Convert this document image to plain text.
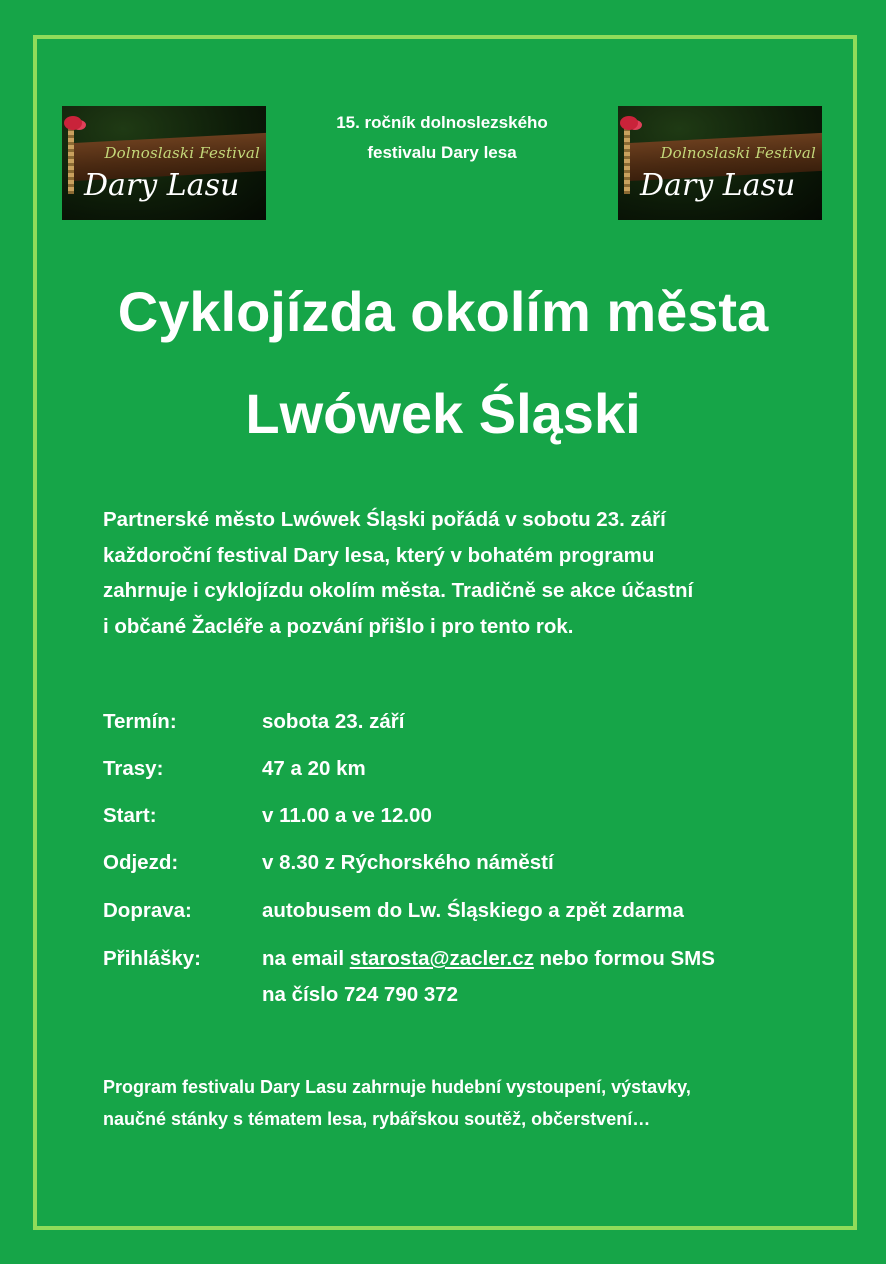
Dolnoslaski Festival
Dary Lasu
15. ročník dolnoslezského
festivalu Dary lesa	Dolnoslaski Festival
Dary Lasu
Cyklojízda okolím města
Lwówek Śląski
Partnerské město Lwówek Śląski pořádá v sobotu 23. září
každoroční festival Dary lesa, který v bohatém programu
zahrnuje i cyklojízdu okolím města. Tradičně se akce účastní
i občané Žacléře a pozvání přišlo i pro tento rok.
Termín:	sobota 23. září
Trasy:	47 a 20 km
Start:	v 11.00 a ve 12.00
Odjezd:	v 8.30 z Rýchorského náměstí
Doprava:	autobusem do Lw. Śląskiego a zpět zdarma
Přihlášky:	na email starosta@zacler.cz nebo formou SMS
na číslo 724 790 372
Program festivalu Dary Lasu zahrnuje hudební vystoupení, výstavky,
naučné stánky s tématem lesa, rybářskou soutěž, občerstvení…
